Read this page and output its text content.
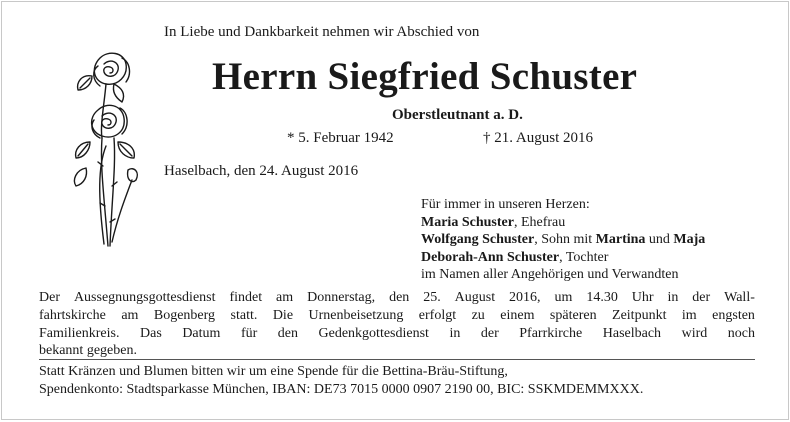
In Liebe und Dankbarkeit nehmen wir Abschied von
Herrn Siegfried Schuster
Oberstleutnant a. D.
* 5. Februar 1942	† 21. August 2016
Haselbach, den 24. August 2016
Für immer in unseren Herzen:
Maria Schuster, Ehefrau
Wolfgang Schuster, Sohn mit Martina und Maja
Deborah-Ann Schuster, Tochter
im Namen aller Angehörigen und Verwandten
Der Aussegnungsgottesdienst findet am Donnerstag, den 25. August 2016, um 14.30 Uhr in der Wall-
fahrtskirche am Bogenberg statt. Die Urnenbeisetzung erfolgt zu einem späteren Zeitpunkt im engsten
Familienkreis. Das Datum für den Gedenkgottesdienst in der Pfarrkirche Haselbach wird noch
bekannt gegeben.
Statt Kränzen und Blumen bitten wir um eine Spende für die Bettina-Bräu-Stiftung,
Spendenkonto: Stadtsparkasse München, IBAN: DE73 7015 0000 0907 2190 00, BIC: SSKMDEMMXXX.
